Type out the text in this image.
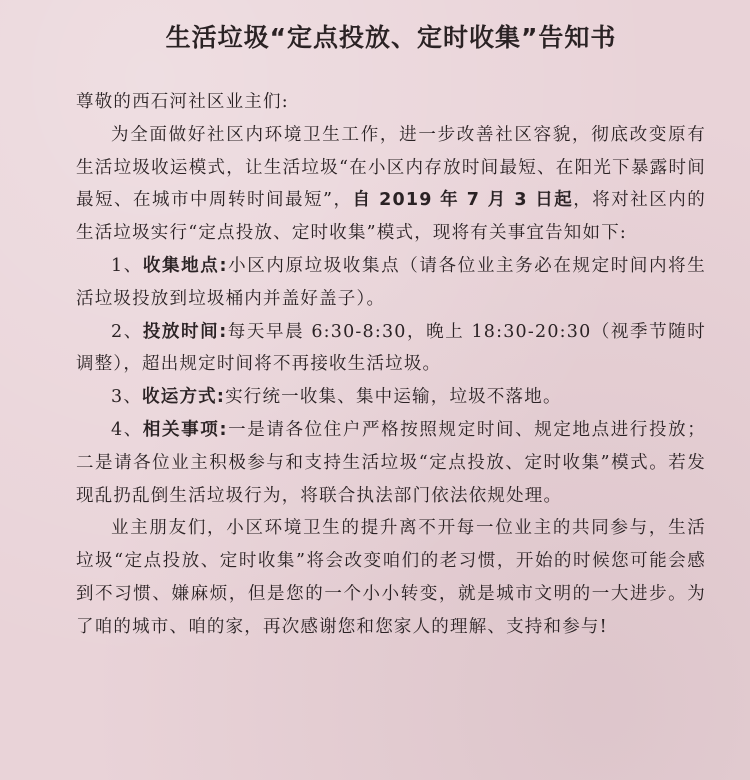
生活垃圾“定点投放、定时收集”告知书

尊敬的西石河社区业主们:

为全面做好社区内环境卫生工作，进一步改善社区容貌，彻底改变原有生活垃圾收运模式，让生活垃圾“在小区内存放时间最短、在阳光下暴露时间最短、在城市中周转时间最短”，自 2019 年 7 月 3 日起，将对社区内的生活垃圾实行“定点投放、定时收集”模式，现将有关事宜告知如下:

1、收集地点:小区内原垃圾收集点（请各位业主务必在规定时间内将生活垃圾投放到垃圾桶内并盖好盖子）。

2、投放时间:每天早晨 6:30-8:30，晚上 18:30-20:30（视季节随时调整），超出规定时间将不再接收生活垃圾。

3、收运方式:实行统一收集、集中运输，垃圾不落地。

4、相关事项:一是请各位住户严格按照规定时间、规定地点进行投放；二是请各位业主积极参与和支持生活垃圾“定点投放、定时收集”模式。若发现乱扔乱倒生活垃圾行为，将联合执法部门依法依规处理。

业主朋友们，小区环境卫生的提升离不开每一位业主的共同参与，生活垃圾“定点投放、定时收集”将会改变咱们的老习惯，开始的时候您可能会感到不习惯、嫌麻烦，但是您的一个小小转变，就是城市文明的一大进步。为了咱的城市、咱的家，再次感谢您和您家人的理解、支持和参与!
